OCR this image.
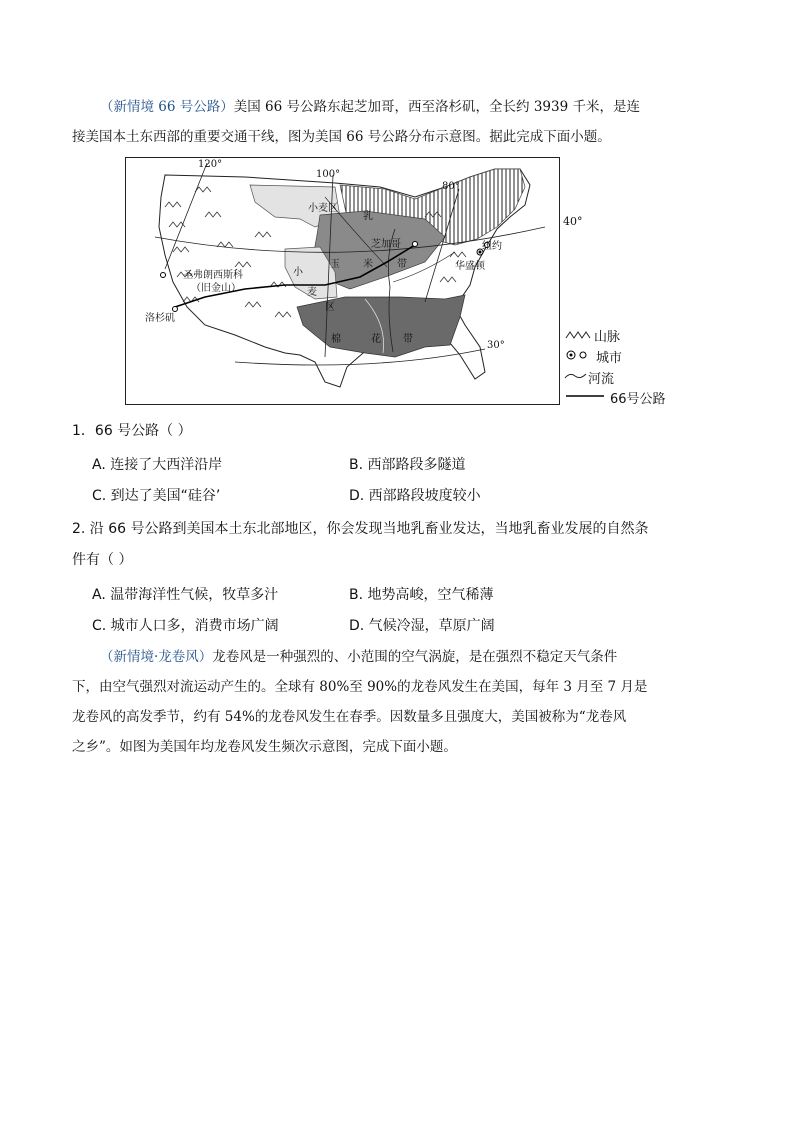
（新情境 66 号公路）美国 66 号公路东起芝加哥，西至洛杉矶，全长约 3939 千米，是连
接美国本土东西部的重要交通干线，图为美国 66 号公路分布示意图。据此完成下面小题。
120°
100°
80°
30°
小麦区
乳
芝加哥	纽约
华盛顿
圣弗朗西斯科
（旧金山）
洛杉矶
玉 米 带
小
麦
区
棉	花 带
40°
山脉
城市
河流
66号公路
1．66 号公路（ ）
A. 连接了大西洋沿岸	B. 西部路段多隧道
C. 到达了美国“硅谷’	D. 西部路段坡度较小
2. 沿 66 号公路到美国本土东北部地区，你会发现当地乳畜业发达，当地乳畜业发展的自然条
件有（ ）
A. 温带海洋性气候，牧草多汁	B. 地势高峻，空气稀薄
C. 城市人口多，消费市场广阔	D. 气候冷湿，草原广阔
（新情境·龙卷风）龙卷风是一种强烈的、小范围的空气涡旋，是在强烈不稳定天气条件
下，由空气强烈对流运动产生的。全球有 80%至 90%的龙卷风发生在美国，每年 3 月至 7 月是
龙卷风的高发季节，约有 54%的龙卷风发生在春季。因数量多且强度大，美国被称为“龙卷风
之乡”。如图为美国年均龙卷风发生频次示意图，完成下面小题。
